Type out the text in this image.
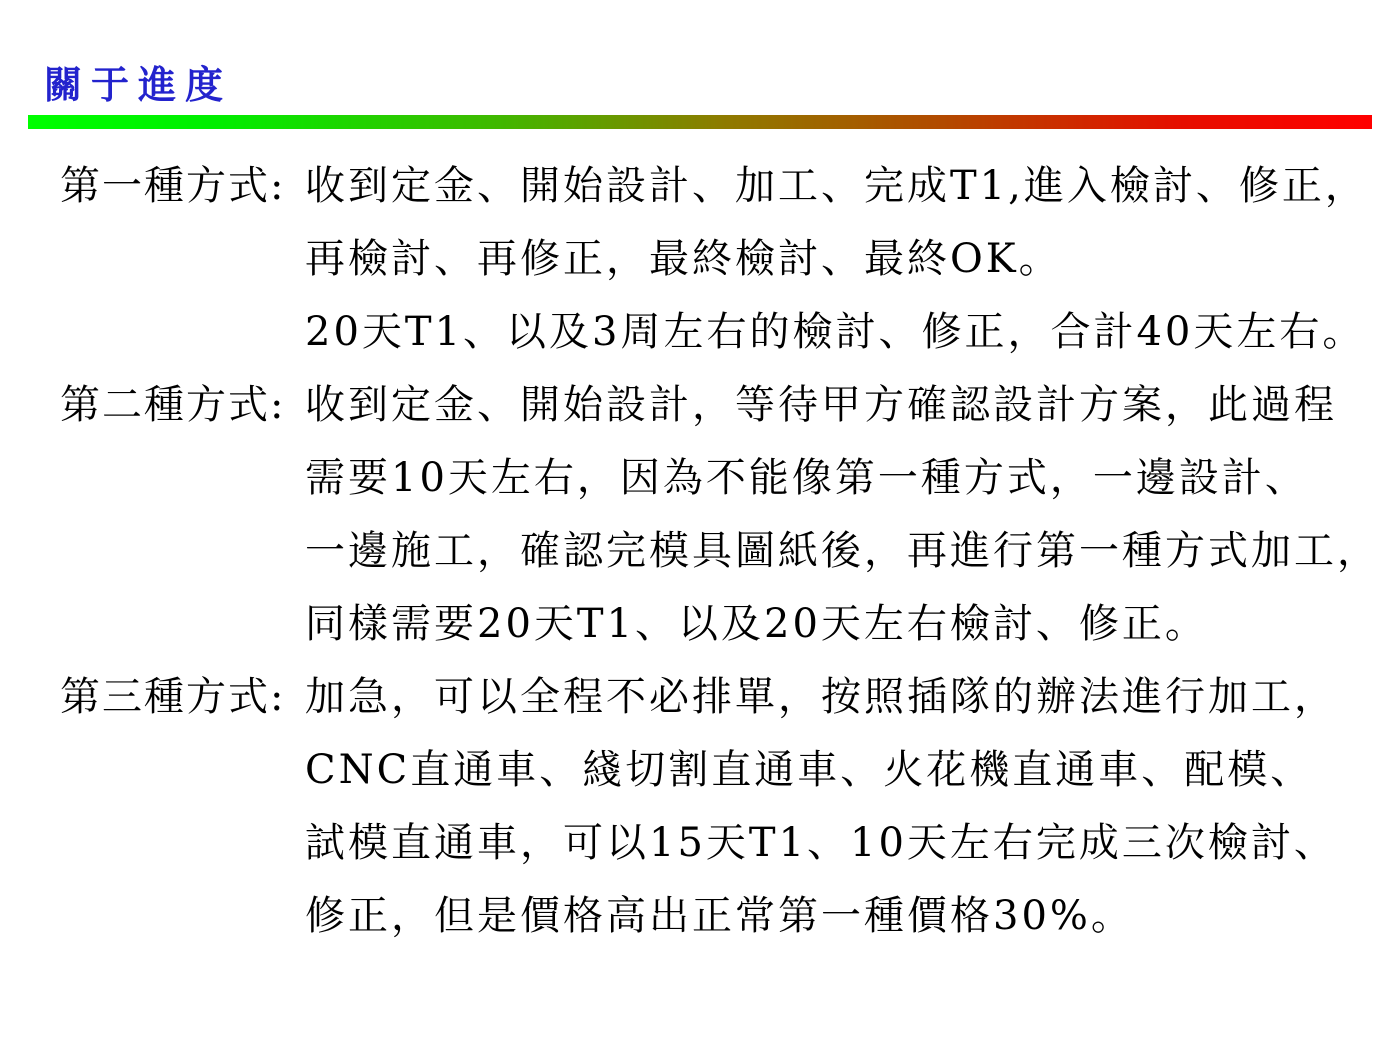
關于進度
第一種方式: 收到定金、開始設計、加工、完成T1,進入檢討、修正，
再檢討、再修正，最終檢討、最終OK。
20天T1、以及3周左右的檢討、修正，合計40天左右。
第二種方式: 收到定金、開始設計，等待甲方確認設計方案，此過程
需要10天左右，因為不能像第一種方式，一邊設計、
一邊施工，確認完模具圖紙後，再進行第一種方式加工，
同樣需要20天T1、以及20天左右檢討、修正。
第三種方式: 加急，可以全程不必排單，按照插隊的辦法進行加工，
CNC直通車、綫切割直通車、火花機直通車、配模、
試模直通車，可以15天T1、10天左右完成三次檢討、
修正，但是價格高出正常第一種價格30%。
